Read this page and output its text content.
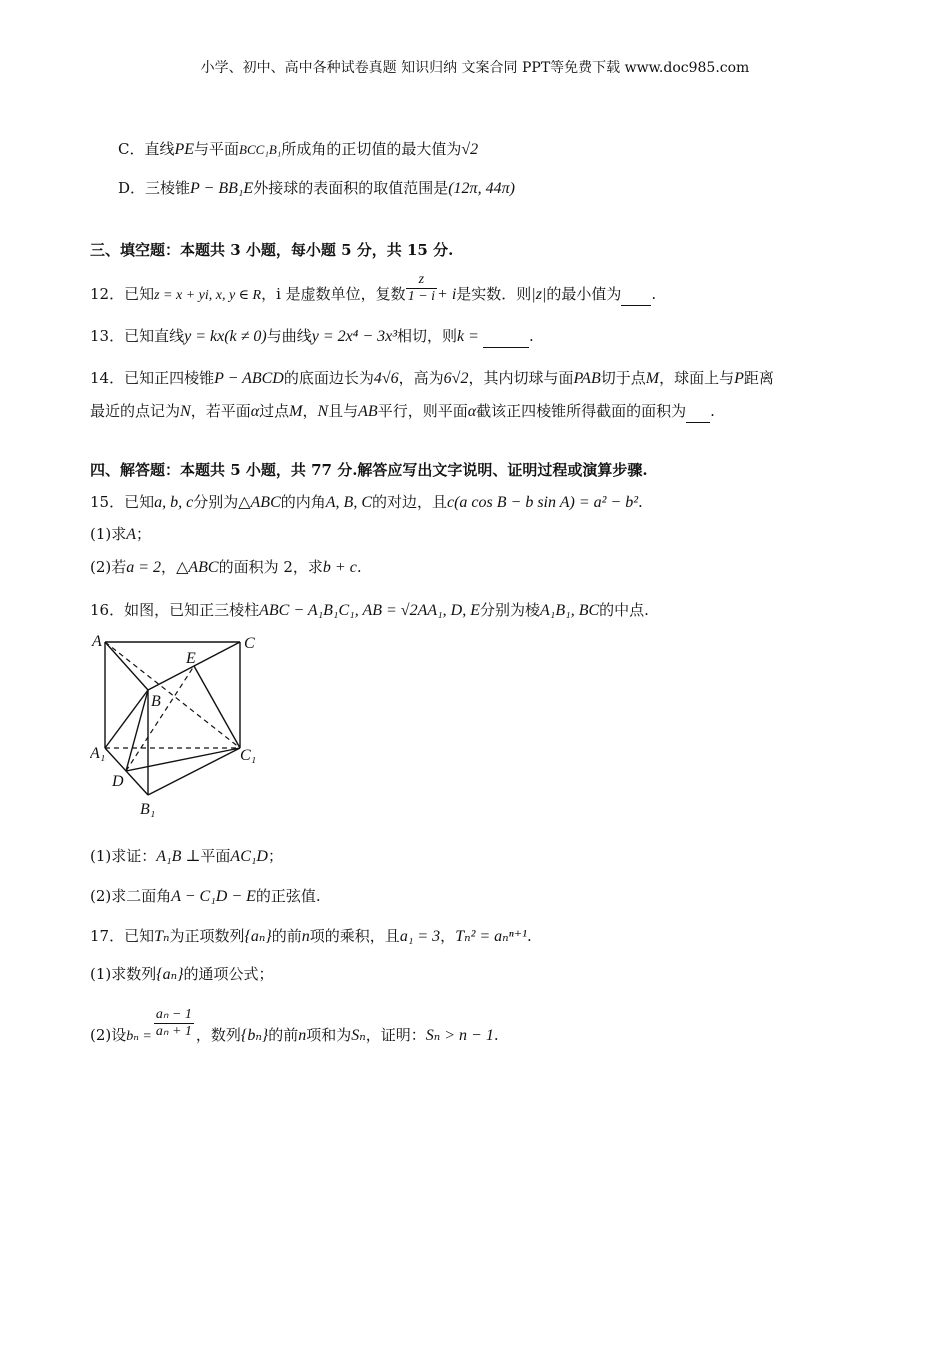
小学、初中、高中各种试卷真题 知识归纳 文案合同 PPT等免费下载 www.doc985.com
C．直线PE与平面BCC₁B₁所成角的正切值的最大值为√2
D．三棱锥P − BB₁E外接球的表面积的取值范围是(12π, 44π)
三、填空题：本题共 3 小题，每小题 5 分，共 15 分.
12．已知z = x + yi, x, y ∈ R，i 是虚数单位，复数 $\frac{z}{1 - i} + i$是实数．则|z|的最小值为 .
13．已知直线y = kx(k ≠ 0)与曲线y = 2x⁴ − 3x³相切，则k =	.
14．已知正四棱锥P − ABCD的底面边长为4√6，高为6√2，其内切球与面PAB切于点M，球面上与P距离
最近的点记为N，若平面α过点M，N且与AB平行，则平面α截该正四棱锥所得截面的面积为 .
四、解答题：本题共 5 小题，共 77 分.解答应写出文字说明、证明过程或演算步骤.
15．已知a, b, c分别为△ABC的内角A, B, C的对边，且c(a cos B − b sin A) = a² − b².
(1)求A；
(2)若a = 2，△ABC的面积为 2，求b + c.
16．如图，已知正三棱柱ABC − A₁B₁C₁, AB = √2AA₁, D, E分别为棱A₁B₁, BC的中点.
A	C
E
B
A₁	C₁
D
B₁
(1)求证：A₁B ⊥平面AC₁D；
(2)求二面角A − C₁D − E的正弦值.
17．已知Tₙ为正项数列{aₙ}的前n项的乘积，且a₁ = 3，Tₙ² = aₙⁿ⁺¹.
(1)求数列{aₙ}的通项公式；
(2)设$b_n = \frac{\text{aₙ − 1}}{\text{aₙ + 1}}$ ，数列{bₙ}的前n项和为Sₙ，证明：Sₙ > n − 1.
